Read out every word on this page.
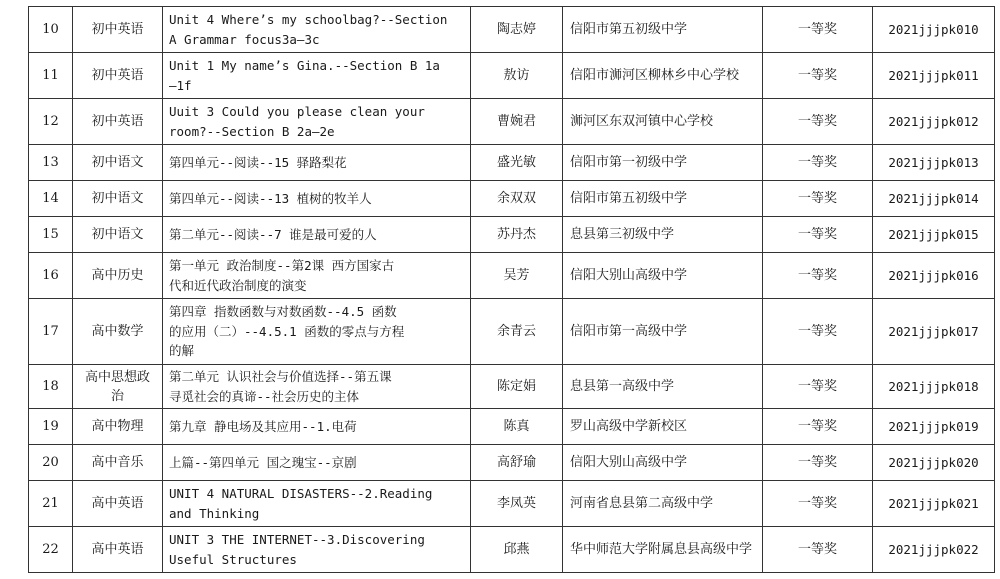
10	初中英语	Unit 4 Where’s my schoolbag?--Section
A Grammar focus3a—3c	陶志婷	信阳市第五初级中学	一等奖	2021jjjpk010
11	初中英语	Unit 1 My name’s Gina.--Section B 1a
—1f	敖访	信阳市浉河区柳林乡中心学校	一等奖	2021jjjpk011
12	初中英语	Uuit 3 Could you please clean your
room?--Section B 2a—2e	曹婉君	浉河区东双河镇中心学校	一等奖	2021jjjpk012
13	初中语文	第四单元--阅读--15 驿路梨花	盛光敏	信阳市第一初级中学	一等奖	2021jjjpk013
14	初中语文	第四单元--阅读--13 植树的牧羊人	余双双	信阳市第五初级中学	一等奖	2021jjjpk014
15	初中语文	第二单元--阅读--7 谁是最可爱的人	苏丹杰	息县第三初级中学	一等奖	2021jjjpk015
16	高中历史	第一单元 政治制度--第2课 西方国家古
代和近代政治制度的演变	吴芳	信阳大别山高级中学	一等奖	2021jjjpk016
17	高中数学	第四章 指数函数与对数函数--4.5 函数
的应用（二）--4.5.1 函数的零点与方程
的解	余青云	信阳市第一高级中学	一等奖	2021jjjpk017
18	高中思想政
治	第二单元 认识社会与价值选择--第五课
寻觅社会的真谛--社会历史的主体	陈定娟	息县第一高级中学	一等奖	2021jjjpk018
19	高中物理	第九章 静电场及其应用--1.电荷	陈真	罗山高级中学新校区	一等奖	2021jjjpk019
20	高中音乐	上篇--第四单元 国之瑰宝--京剧	高舒瑜	信阳大别山高级中学	一等奖	2021jjjpk020
21	高中英语	UNIT 4 NATURAL DISASTERS--2.Reading
and Thinking	李凤英	河南省息县第二高级中学	一等奖	2021jjjpk021
22	高中英语	UNIT 3 THE INTERNET--3.Discovering
Useful Structures	邱燕	华中师范大学附属息县高级中学	一等奖	2021jjjpk022
